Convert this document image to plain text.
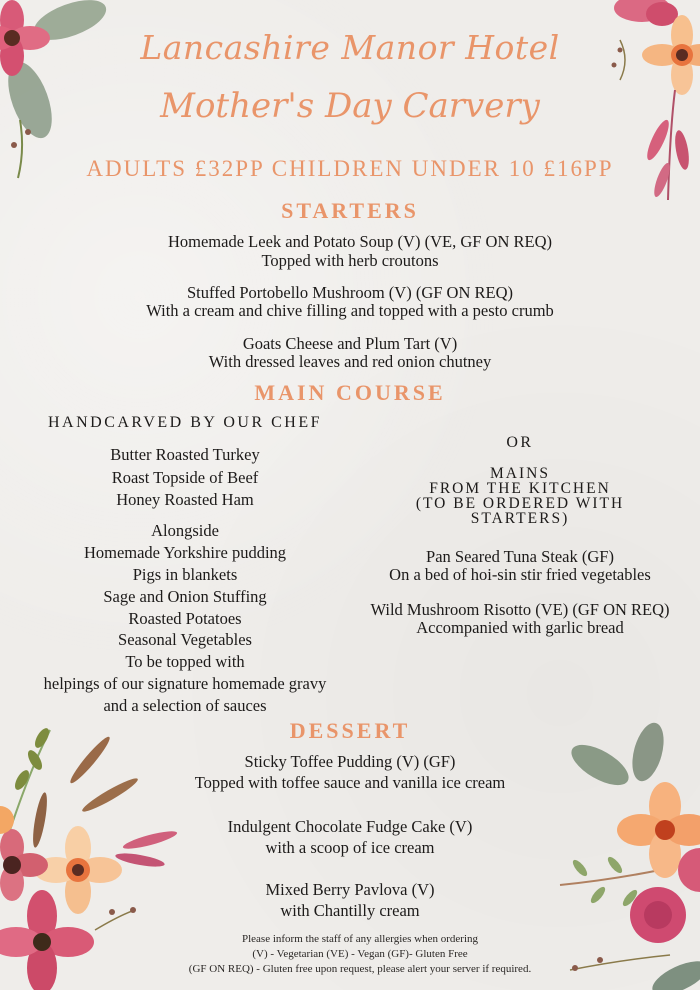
Lancashire Manor Hotel
Mother's Day Carvery
ADULTS £32PP CHILDREN UNDER 10 £16PP
STARTERS
Homemade Leek and Potato Soup (V) (VE, GF ON REQ)
Topped with herb croutons
Stuffed Portobello Mushroom (V) (GF ON REQ)
With a cream and chive filling and topped with a pesto crumb
Goats Cheese and Plum Tart (V)
With dressed leaves and red onion chutney
MAIN COURSE
HANDCARVED BY OUR CHEF
Butter Roasted Turkey
Roast Topside of Beef
Honey Roasted Ham
Alongside
Homemade Yorkshire pudding
Pigs in blankets
Sage and Onion Stuffing
Roasted Potatoes
Seasonal Vegetables
To be topped with
helpings of our signature homemade gravy
and a selection of sauces
OR
MAINS
FROM THE KITCHEN
(TO BE ORDERED WITH
STARTERS)
Pan Seared Tuna Steak (GF)
On a bed of hoi-sin stir fried vegetables
Wild Mushroom Risotto (VE) (GF ON REQ)
Accompanied with garlic bread
DESSERT
Sticky Toffee Pudding (V) (GF)
Topped with toffee sauce and vanilla ice cream
Indulgent Chocolate Fudge Cake (V)
with a scoop of ice cream
Mixed Berry Pavlova (V)
with Chantilly cream
Please inform the staff of any allergies when ordering
(V) - Vegetarian (VE) - Vegan (GF)- Gluten Free
(GF ON REQ) - Gluten free upon request, please alert your server if required.
